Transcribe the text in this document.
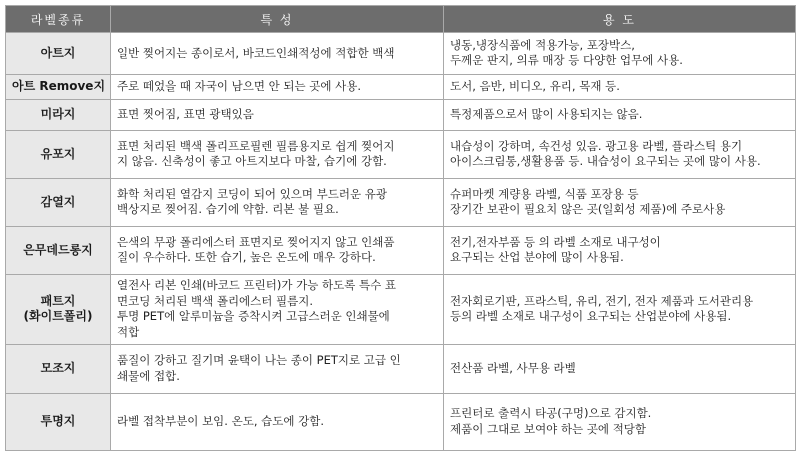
라벨종류	특 성	용 도

아트지	일반 찢어지는 종이로서, 바코드인쇄적성에 적합한 백색	냉동,냉장식품에 적용가능, 포장박스,
두께운 판지, 의류 매장 등 다양한 업무에 사용.

아트 Remove지	주로 떼었을 때 자국이 남으면 안 되는 곳에 사용.	도서, 음반, 비디오, 유리, 목재 등.

미라지	표면 찟어짐, 표면 광택있음	특정제품으로서 많이 사용되지는 않음.

유포지	표면 처리된 백색 폴리프로필렌 필름용지로 쉽게 찢어지
지 않음. 신축성이 좋고 아트지보다 마찰, 습기에 강함.	내습성이 강하며, 속건성 있음. 광고용 라벨, 플라스틱 용기
아이스크림통,생활용품 등. 내습성이 요구되는 곳에 많이 사용.

감열지	화학 처리된 열감지 코딩이 되어 있으며 부드러운 유광
백상지로 찢어짐. 습기에 약함. 리본 불 필요.	슈퍼마켓 계량용 라벨, 식품 포장용 등
장기간 보관이 필요치 않은 곳(일회성 제품)에 주로사용

은무데드롱지	은색의 무광 폴리에스터 표면지로 찢어지지 않고 인쇄품
질이 우수하다. 또한 습기, 높은 온도에 매우 강하다.	전기,전자부품 등 의 라벨 소재로 내구성이
요구되는 산업 분야에 많이 사용됨.

패트지
(화이트폴리)	열전사 리본 인쇄(바코드 프린터)가 가능 하도록 특수 표
면코딩 처리된 백색 폴리에스터 필름지.
투명 PET에 알루미늄을 증착시켜 고급스러운 인쇄물에
적합	전자회로기판, 프라스틱, 유리, 전기, 전자 제품과 도서관리용
등의 라벨 소재로 내구성이 요구되는 산업분야에 사용됨.

모조지	품질이 강하고 질기며 윤택이 나는 종이 PET지로 고급 인
쇄물에 접합.	전산품 라벨, 사무용 라벨

투명지	라벨 접착부분이 보임. 온도, 습도에 강함.	프린터로 출력시 타공(구멍)으로 감지함.
제품이 그대로 보여야 하는 곳에 적당함
